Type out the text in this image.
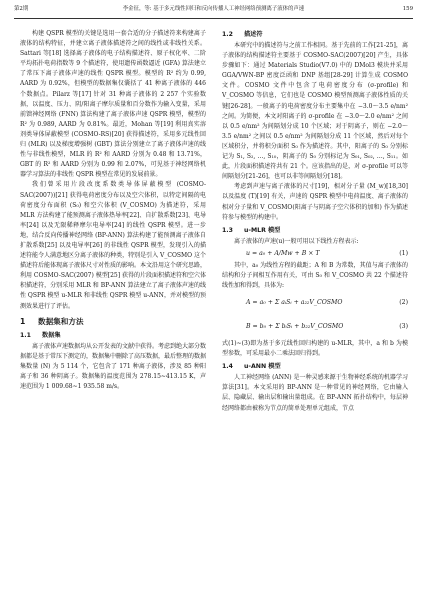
第2期	李金征，等: 基于多元线性回归和反向传播人工神经网络预测离子液体的声速	159

构建 QSPR 模型的关键是选用一套合适的分子描述符来构建离子液体的结构特征，并建立离子液体描述符之间的线性或非线性关系。Sattari 等[18] 选择离子液体的电子结构描述符、原子权化率、二阶平均拓扑电荷指数等 9 个描述符，使用遗传函数逼近 (GFA) 算法建立了常压下离子液体声速的线性 QSPR 模型。模型的 R² 约为 0.99, AARD 为 0.92%，但模型的数据集仅囊括了 41 种离子液体的 446 个数据点。Pilarz 等[17] 针对 31 种离子液体的 2 257 个实验数据，以温度、压力、阴/阳离子摩尔质量和百分数作为输入变量，采用前馈神经网络 (FNN) 算法构建了离子液体声速 QSPR 模型，模型的 R² 为 0.989, AARD 为 0.81%。最近，Mohan 等[19] 利用真实溶剂类导体屏蔽模型 (COSMO-RS)[20] 获得描述符，采用多元线性回归 (MLR) 以及梯度增强树 (GBT) 算法分别建立了离子液体声速的线性与非线性模型，MLR 的 R² 和 AARD 分别为 0.48 和 13.71%，GBT 的 R² 和 AARD 分别为 0.99 和 2.07%，可见基于神经网络机器学习算法的非线性 QSPR 模型在常见的发展前景。

我们曾采用片段改度系数类导体屏蔽模型 (COSMO-SAC(2007))[21] 获得电荷密度分布以及空穴体积，以特定间隔的电荷密度分布面积 (S₀) 和空穴体积 (V_COSMO) 为描述符，采用 MLR 方法构建了能预测离子液体热导率[22]、自扩散系数[23]、电导率[24] 以及无限稀释摩尔电导率[24] 的线性 QSPR 模型。进一步地，结合反向传播神经网络 (BP-ANN) 算法构建了能预测离子液体自扩散系数[25] 以及电导率[26] 的非线性 QSPR 模型，发现引入的描述符能令人满意地区分离子液体的种类，特别是引入 V_COSMO 这个描述符后能体现离子液体尺寸对性质的影响。本文沿用这个研究思路，利用 COSMO-SAC(2007) 模型[25] 获得的片段面积描述符和空穴体积描述符，分别采用 MLR 和 BP-ANN 算法建立了离子液体声速的线性 QSPR 模型 u-MLR 和非线性 QSPR 模型 u-ANN，并对模型的预测效果进行了评估。

1 数据集和方法
1.1 数据集

离子液体声速数据均从公开发表的文献中获得。考虑到绝大部分数据都是基于常压下测定的，数据集中删除了高压数据，最后整理的数据集数量 (N) 为 5 114 个，它包含了 171 种离子液体，涉及 85 种阳离子和 36 种阴离子。数据集的温度范围为 278.15~413.15 K，声速范围为 1 009.68~1 935.58 m/s。

1.2 描述符

本研究中的描述符与之前工作相同。基于先前的工作[21-25]，离子液体的结构描述符主要基于 COSMO-SAC(2007)[20] 产生，具体步骤如下：通过 Materials Studio(V7.0) 中的 DMol3 模块并采用 GGA/VWN-BP 密度泛函和 DNP 基组[28-29] 计算生成 COSMO 文件。COSMO 文件中包含了电荷密度分布 (σ-profile) 和 V_COSMO 等信息，它们也是 COSMO 模型预测离子液体性质的关键[26-28]。一般离子的电荷密度分布主要集中在 −3.0～3.5 e/nm² 之间。为简便，本文对阳离子的 σ-profile 在 −3.0～2.0 e/nm² 之间以 0.5 e/nm² 为间隔划分成 10 个区域；对于阴离子，则在 −2.0～3.5 e/nm² 之间以 0.5 e/nm² 为间隔划分成 11 个区域，然后对每个区域积分，并将积分面积 S₀ 作为描述符。其中，阳离子的 S₀ 分别标记为 S₁, S₂, …, S₁₀，阴离子的 S₀ 分别标记为 S₀₁, S₀₂, …, S₁₁。如此，片段面积描述符共有 21 个。应该指出的是，对 σ-profile 可以等间隔划分[21-26]，也可以非等间隔划分[18]。

考虑到声速与离子液体的尺寸[19]，相对分子量 (M_w)[18,30] 以及温度 (T)[19] 有关，声速的 QSPR 模型中电荷温度、离子液体的相对分子量和 V_COSMO(阳离子与阴离子空穴体积的加和) 作为描述符参与模型的构建中。

1.3 u-MLR 模型

离子液体的声速(u)一般可用以下线性方程表示:

u = a₀ + A/Mw + B × T	(1)

其中，a₀ 为线性方程的截距；A 和 B 为常数，其值与离子液体的结构和分子间相互作用有关，可由 S₀ 和 V_COSMO 共 22 个描述符线性加和得到，具体为:

A = a₀ + Σ aᵢSᵢ + a₂₂V_COSMO	(2)
B = b₀ + Σ bᵢSᵢ + b₂₂V_COSMO	(3)

式(1)~(3)即为基于多元线性回归构建的 u-MLR，其中，a 和 b 为模型参数，可采用最小二乘法回归得到。

1.4 u-ANN 模型

人工神经网络 (ANN) 是一种灵感来源于生物神经系统的机器学习算法[31]。本文采用的 BP-ANN 是一种常见的神经网络，它由输入层、隐藏层、输出层和输出量组成。在 BP-ANN 拓扑结构中，每层神经网络都由被称为节点的简单处理单元组成，节点
